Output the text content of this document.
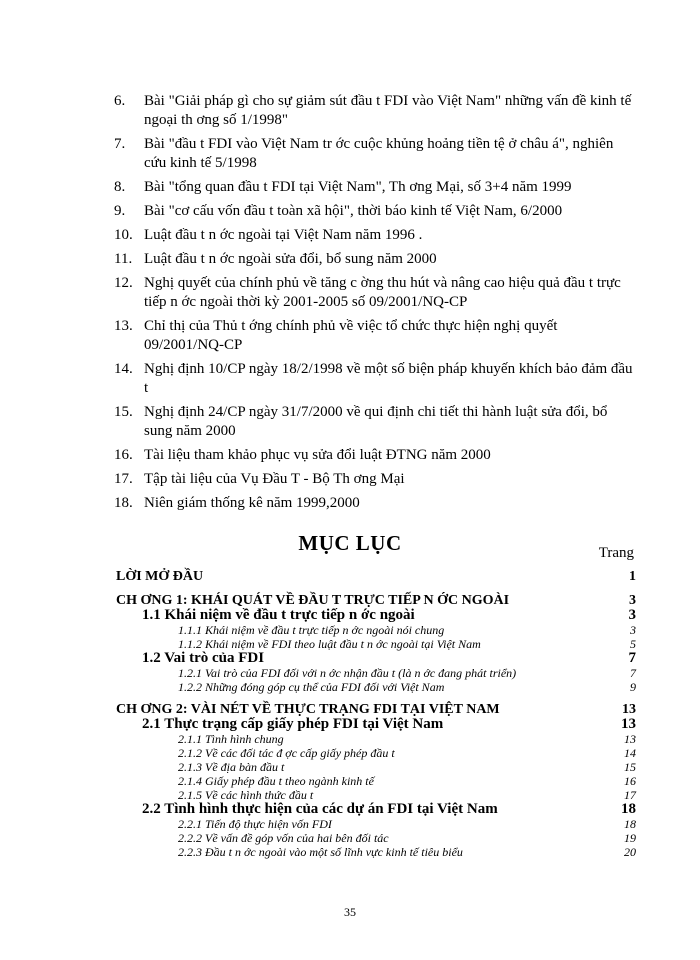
6.	Bài "Giải pháp gì cho sự giảm sút đầu t FDI vào Việt Nam" những vấn đề kinh tế ngoại th ơng số 1/1998"
7.	Bài "đầu t FDI vào Việt Nam tr ớc cuộc khủng hoảng tiền tệ ở châu á", nghiên cứu kinh tế 5/1998
8.	Bài "tổng quan đầu t FDI tại Việt Nam", Th ơng Mại, số 3+4 năm 1999
9.	Bài "cơ cấu vốn đầu t toàn xã hội", thời báo kinh tế Việt Nam, 6/2000
10. Luật đầu t n ớc ngoài tại Việt Nam năm 1996 .
11. Luật đầu t n ớc ngoài sửa đổi, bổ sung năm 2000
12. Nghị quyết của chính phủ về tăng c ờng thu hút và nâng cao hiệu quả đầu t trực tiếp n ớc ngoài thời kỳ 2001-2005 số 09/2001/NQ-CP
13. Chỉ thị của Thủ t ớng chính phủ về việc tổ chức thực hiện nghị quyết 09/2001/NQ-CP
14. Nghị định 10/CP ngày 18/2/1998 về một số biện pháp khuyến khích bảo đảm đầu t
15. Nghị định 24/CP ngày 31/7/2000 về qui định chi tiết thi hành luật sửa đổi, bổ sung năm 2000
16. Tài liệu tham khảo phục vụ sửa đổi luật ĐTNG năm 2000
17. Tập tài liệu của Vụ Đầu T - Bộ Th ơng Mại
18. Niên giám thống kê năm 1999,2000
MỤC LỤC	Trang
LỜI MỞ ĐẦU	1
CH ƠNG 1: KHÁI QUÁT VỀ ĐẦU T TRỰC TIẾP N ỚC NGOÀI	3
1.1 Khái niệm về đầu t trực tiếp n ớc ngoài	3
1.1.1 Khái niệm về đầu t trực tiếp n ớc ngoài nói chung	3
1.1.2 Khái niệm về FDI theo luật đầu t n ớc ngoài tại Việt Nam	5
1.2 Vai trò của FDI	7
1.2.1 Vai trò của FDI đối với n ớc nhận đầu t (là n ớc đang phát triển)	7
1.2.2 Những đóng góp cụ thể của FDI đối với Việt Nam	9
CH ƠNG 2: VÀI NÉT VỀ THỰC TRẠNG FDI TẠI VIỆT NAM	13
2.1 Thực trạng cấp giấy phép FDI tại Việt Nam	13
2.1.1 Tình hình chung	13
2.1.2 Về các đối tác đ ợc cấp giấy phép đầu t	14
2.1.3 Về địa bàn đầu t	15
2.1.4 Giấy phép đầu t theo ngành kinh tế	16
2.1.5 Về các hình thức đầu t	17
2.2 Tình hình thực hiện của các dự án FDI tại Việt Nam	18
2.2.1 Tiến độ thực hiện vốn FDI	18
2.2.2 Về vấn đề góp vốn của hai bên đối tác	19
2.2.3 Đầu t n ớc ngoài vào một số lĩnh vực kinh tế tiêu biểu	20
35
